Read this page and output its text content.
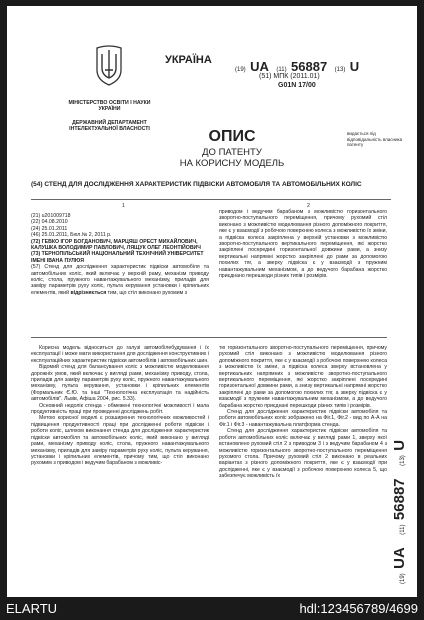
МІНІСТЕРСТВО ОСВІТИ І НАУКИ УКРАЇНИ
ДЕРЖАВНИЙ ДЕПАРТАМЕНТ ІНТЕЛЕКТУАЛЬНОЇ ВЛАСНОСТІ
УКРАЇНА
(19) UA (11) 56887 (13) U
(51) МПК (2011.01)
G01N 17/00
ОПИС
ДО ПАТЕНТУ
НА КОРИСНУ МОДЕЛЬ
видається під відповідальність власника патенту
(54) СТЕНД ДЛЯ ДОСЛІДЖЕННЯ ХАРАКТЕРИСТИК ПІДВІСКИ АВТОМОБІЛЯ ТА АВТОМОБІЛЬНИХ КОЛІС
1	2
(21) u201009718
(22) 04.08.2010
(24) 25.01.2011
(46) 25.01.2011, Бюл.№ 2, 2011 р.
(72) ГЕВКО ІГОР БОГДАНОВИЧ, МАРЦЯШ ОРЕСТ МИХАЙЛОВИЧ, КАЛУШКА ВОЛОДИМИР ПАВЛОВИЧ, ЛЯЩУК ОЛЕГ ЛЕОНТІЙОВИЧ
(73) ТЕРНОПІЛЬСЬКИЙ НАЦІОНАЛЬНИЙ ТЕХНІЧНИЙ УНІВЕРСИТЕТ ІМЕНІ ІВАНА ПУЛЮЯ
(57) Стенд для дослідження характеристик підвіски автомобіля та автомобільних коліс, який включає у верхній раму, механізм приводу коліс, стола, пружного навантажувального механізму, приладів для заміру параметрів руху коліс, пульта керування установки і кріпильних елементів, який відрізняється тим, що стіл виконано рухомим з
приводом і ведучим барабаном з можливістю горизонтального зворотно-поступального переміщення, причому рухомий стіл виконано з можливістю моделювання різного допоміжного покриття, яке є у взаємодії з робочою поверхнею колеса з можливістю їх зміни, а підвіска колеса закріплена у верхній установки з можливістю зворотно-поступального вертикального переміщення, які жорстко закріплені посередині горизонтальної довжини рами, а знизу вертикальні напрямні жорстко закріплені до рами за допомогою похилих тяг, а зверху підвіска є у взаємодії з пружним навантажувальним механізмом, а до ведучого барабана жорстко приєднано перешкоди різних типів і розмірів.
Корисна модель відноситься до галузі автомобілебудування і їх експлуатації і може мати використання для дослідження конструктивних і експлуатаційних характеристик підвіски автомобілів і автомобільних шин.
Відомий стенд для балансування коліс з можливістю моделювання дорожніх умов, який включає у вигляді рами, механізму приводу, стола, приладів для заміру параметрів руху коліс, пружного навантажувального механізму, пульта керування, установки і кріпильних елементів (Формальник Є.Ю. та інші "Технологічна експлуатація та надійність автомобілів". Львів, Афіша 2004, рис. 5.33).
Основний недолік стенда - обмежені технологічні можливості і мала продуктивність праці при проведенні досліджень робіт.
Метою корисної моделі є розширення технологічних можливостей і підвищення продуктивності праці при дослідженні роботи підвіски і роботи коліс, шляхом виконання стенда для дослідження характеристик підвіски автомобіля та автомобільних коліс, який виконано у вигляді рами, механізму приводу коліс, стола, пружного навантажувального механізму, приладів для заміру параметрів руху коліс, пульта керування, установки і кріпильних елементів, причому тим, що стіл виконано рухомим з приводом і ведучим барабаном з можливіс-
тю горизонтального зворотно-поступального переміщення, причому рухомий стіл виконано з можливістю моделювання різного допоміжного покриття, яке є у взаємодії з робочою поверхнею колеса з можливістю їх зміни, а підвіска колеса зверху встановлена у вертикальних напрямних з можливістю зворотно-поступального вертикального переміщення, які жорстко закріплені посередині горизонтальної довжини рами, а знизу вертикальні напрямні жорстко закріплені до рами за допомогою похилих тяг, а зверху підвіска є у взаємодії з пружним навантажувальним механізмом, а до ведучого барабана жорстко приєднані перешкоди різних типів і розмірів.
Стенд для дослідження характеристик підвіски автомобіля та роботи автомобільних коліс зображено на Фіг.1, Фіг.2 - вид по А-А на Фіг.1 і Фіг.3 - навантажувальна платформа стенда.
Стенд для дослідження характеристик підвіски автомобіля та роботи автомобільних коліс включає у вигляді рами 1, зверху якої встановлено рухомий стіл 2 з приводом 3 і з ведучим барабаном 4 з можливістю горизонтального зворотно-поступального переміщення рухомого стола. Причому рухомий стіл 2 виконано в реальних варіантах з різного допоміжного покриття, яке є у взаємодії при дослідженні, яке є у взаємодії з робочою поверхнею колеса 5, що забезпечує можливість їх
(19) UA (11) 56887 (13) U
ELARTU	hdl:123456789/4699
